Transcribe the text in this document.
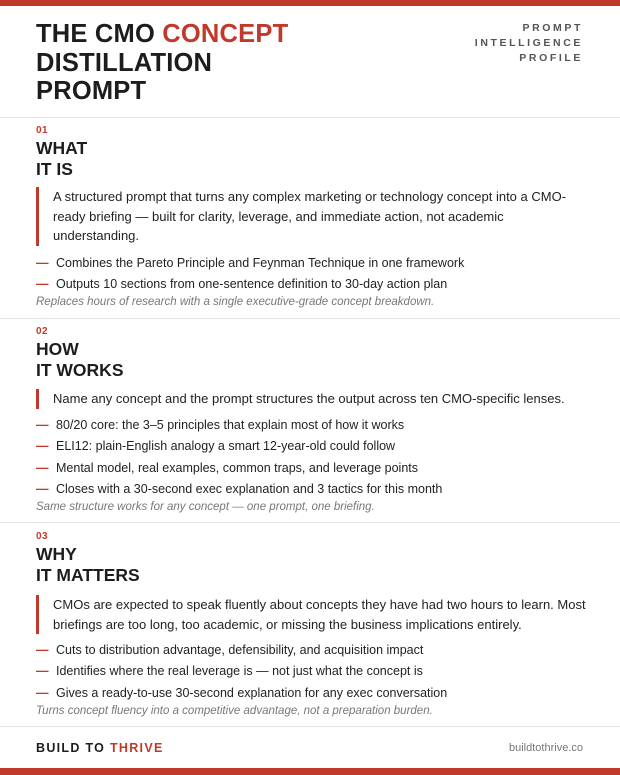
THE CMO CONCEPT
DISTILLATION
PROMPT
PROMPT
INTELLIGENCE
PROFILE
01
WHAT
IT IS
A structured prompt that turns any complex marketing or technology concept into a CMO-ready briefing — built for clarity, leverage, and immediate action, not academic understanding.
— Combines the Pareto Principle and Feynman Technique in one framework
— Outputs 10 sections from one-sentence definition to 30-day action plan
Replaces hours of research with a single executive-grade concept breakdown.
02
HOW
IT WORKS
Name any concept and the prompt structures the output across ten CMO-specific lenses.
— 80/20 core: the 3–5 principles that explain most of how it works
— ELI12: plain-English analogy a smart 12-year-old could follow
— Mental model, real examples, common traps, and leverage points
— Closes with a 30-second exec explanation and 3 tactics for this month
Same structure works for any concept — one prompt, one briefing.
03
WHY
IT MATTERS
CMOs are expected to speak fluently about concepts they have had two hours to learn. Most briefings are too long, too academic, or missing the business implications entirely.
— Cuts to distribution advantage, defensibility, and acquisition impact
— Identifies where the real leverage is — not just what the concept is
— Gives a ready-to-use 30-second explanation for any exec conversation
Turns concept fluency into a competitive advantage, not a preparation burden.
BUILD TO THRIVE	buildtothrive.co
